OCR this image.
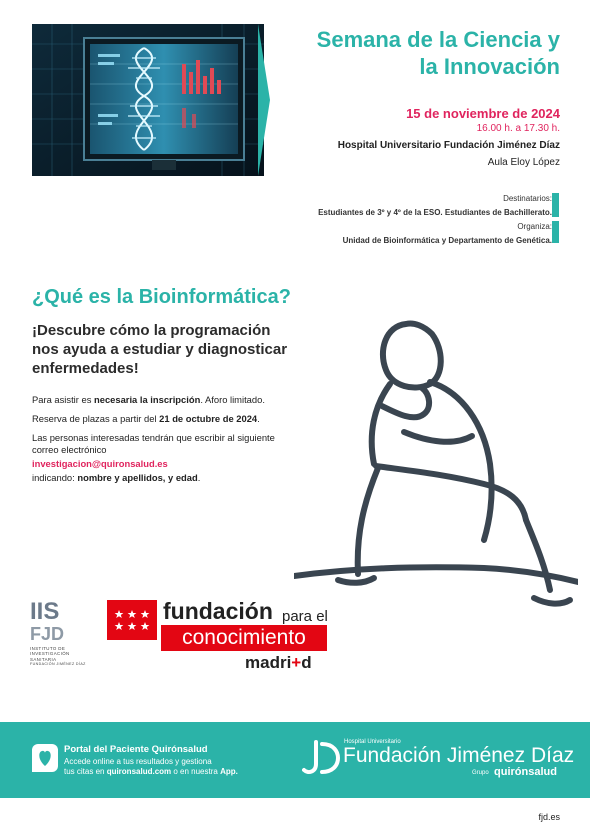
Semana de la Ciencia y
la Innovación
15 de noviembre de 2024
16.00 h. a 17.30 h.
Hospital Universitario Fundación Jiménez Díaz
Aula Eloy López
Destinatarios:
Estudiantes de 3º y 4º de la ESO. Estudiantes de Bachillerato.
Organiza:
Unidad de Bioinformática y Departamento de Genética.
¿Qué es la Bioinformática?
¡Descubre cómo la programación
nos ayuda a estudiar y diagnosticar
enfermedades!
Para asistir es necesaria la inscripción. Aforo limitado.
Reserva de plazas a partir del 21 de octubre de 2024.
Las personas interesadas tendrán que escribir al siguiente
correo electrónico
investigacion@quironsalud.es
indicando: nombre y apellidos, y edad.
IIS
FJD
INSTITUTO DE
INVESTIGACIÓN
SANITARIA
FUNDACIÓN JIMÉNEZ DÍAZ
fundación para el
conocimiento
madri+d
Portal del Paciente Quirónsalud
Accede online a tus resultados y gestiona
tus citas en quironsalud.com o en nuestra App.
Hospital Universitario
Fundación Jiménez Díaz
Grupo quirónsalud
fjd.es
